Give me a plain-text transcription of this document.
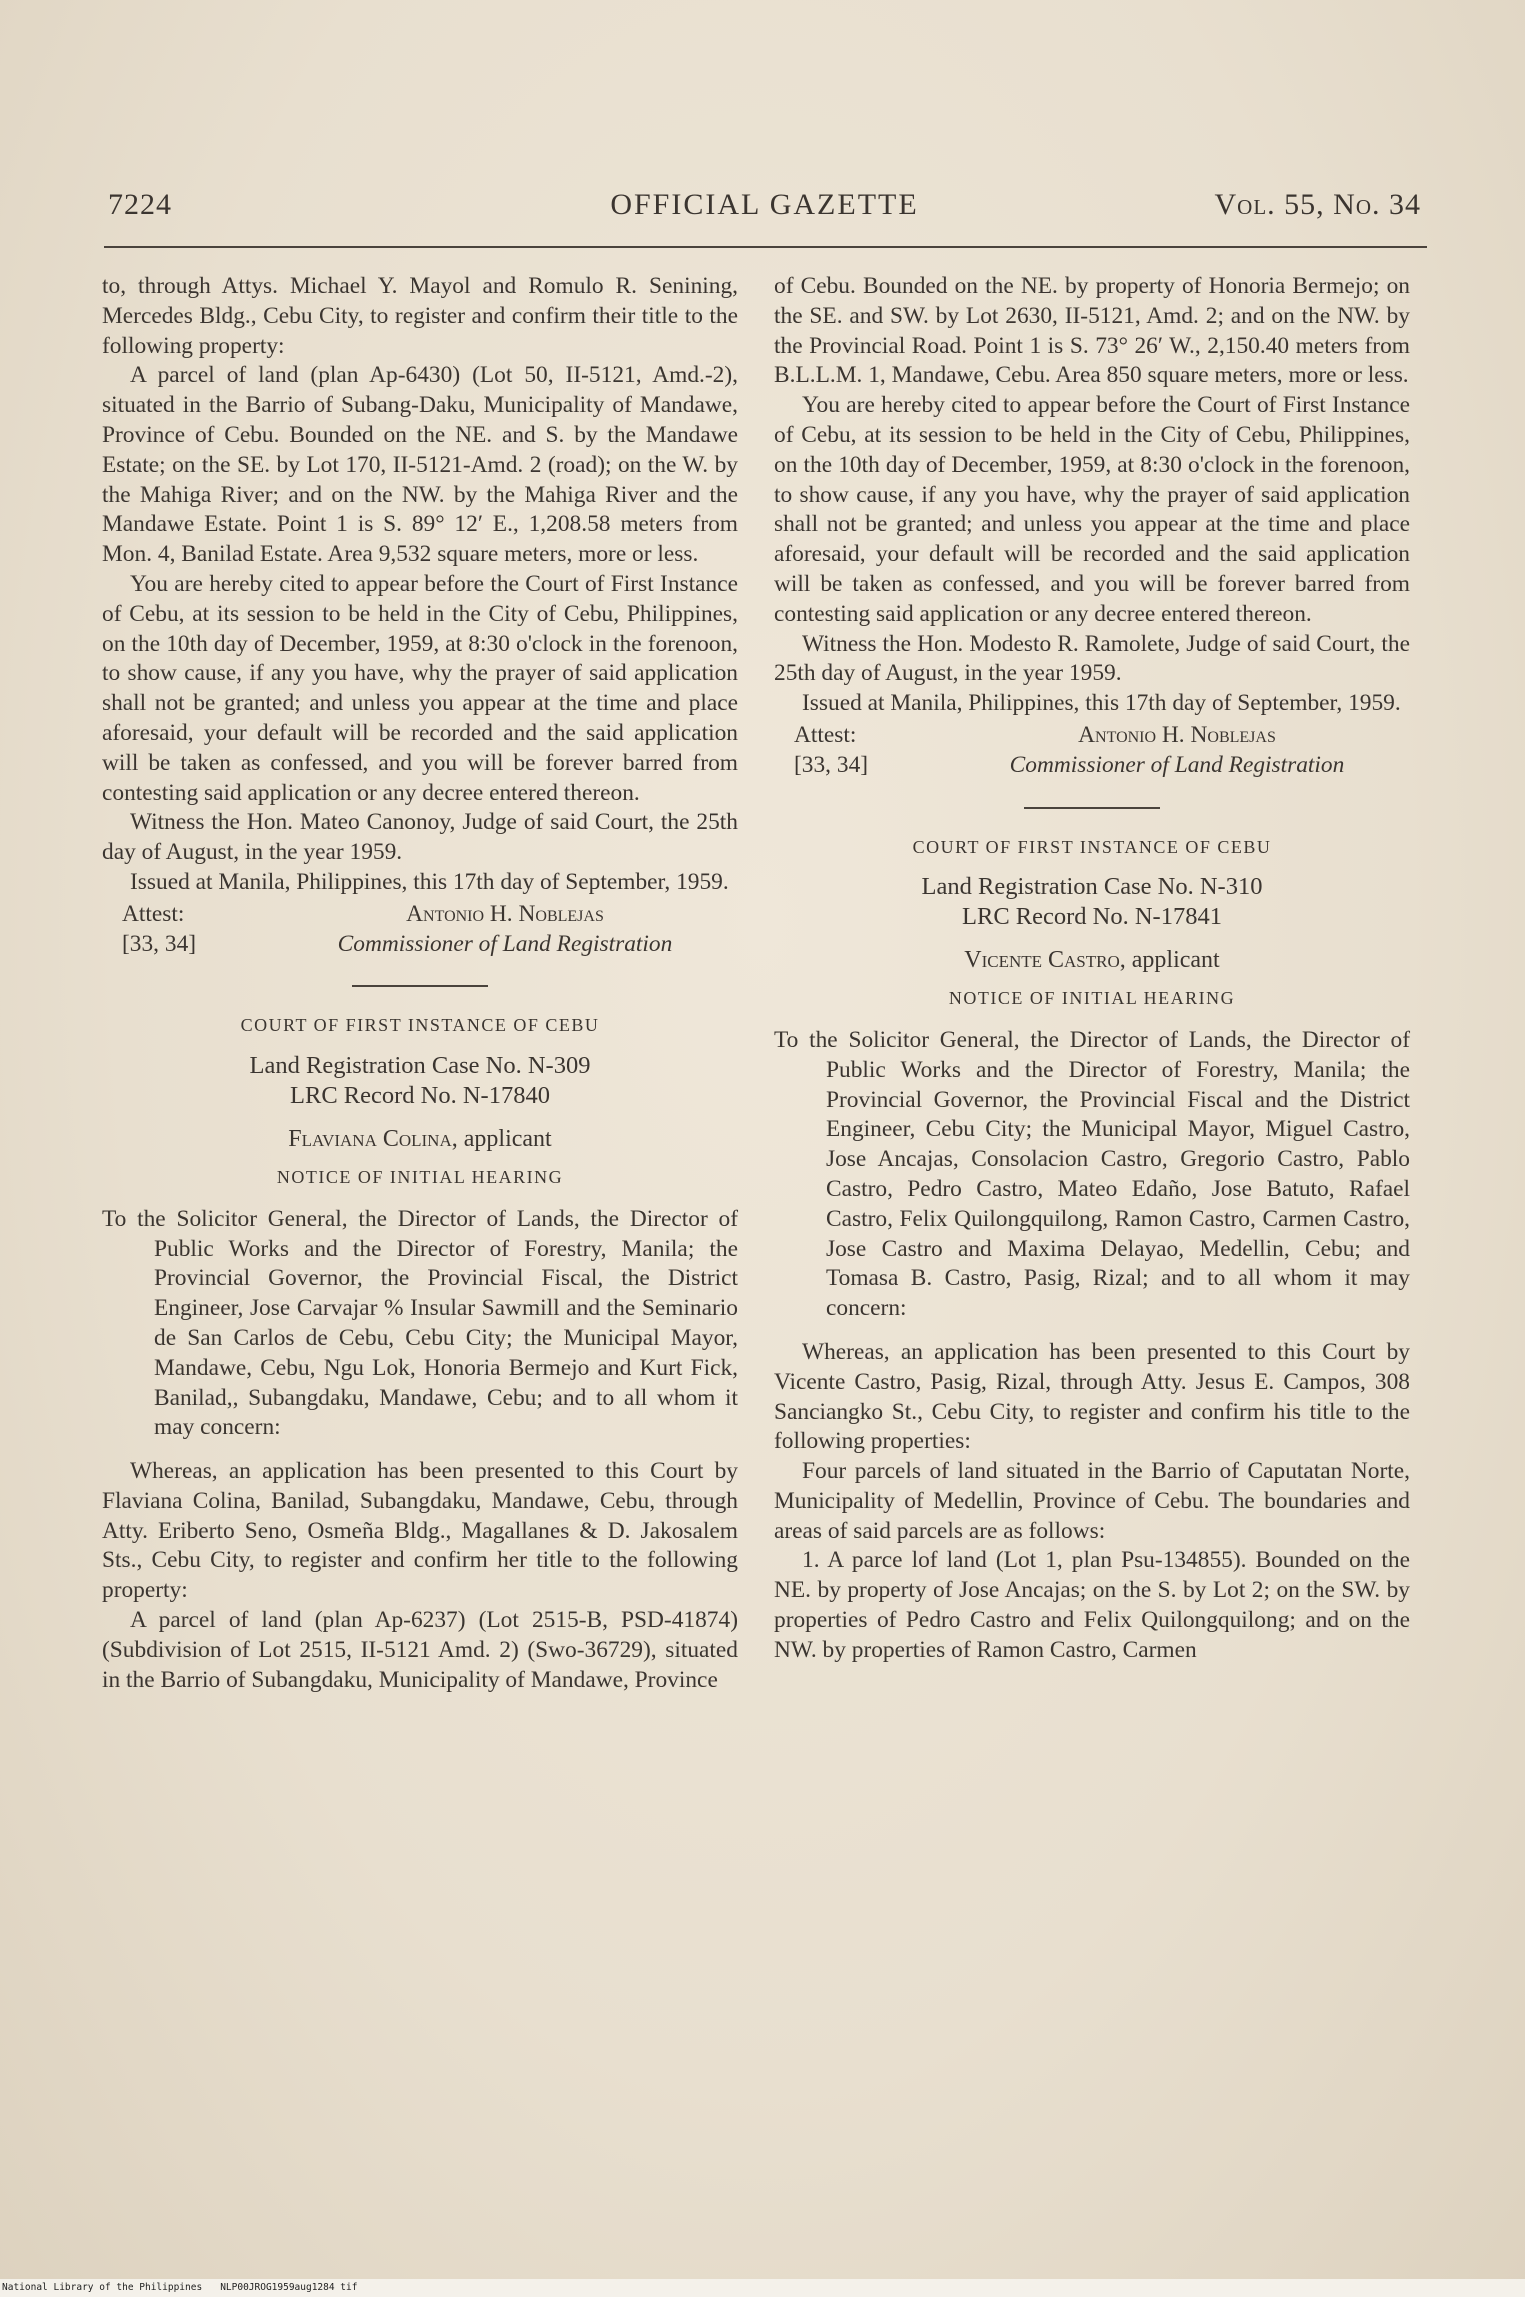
7224	OFFICIAL GAZETTE	Vol. 55, No. 34

to, through Attys. Michael Y. Mayol and Romulo R. Senining, Mercedes Bldg., Cebu City, to register and confirm their title to the following property:

A parcel of land (plan Ap-6430) (Lot 50, II-5121, Amd.-2), situated in the Barrio of Subang-Daku, Municipality of Mandawe, Province of Cebu. Bounded on the NE. and S. by the Mandawe Estate; on the SE. by Lot 170, II-5121-Amd. 2 (road); on the W. by the Mahiga River; and on the NW. by the Mahiga River and the Mandawe Estate. Point 1 is S. 89° 12′ E., 1,208.58 meters from Mon. 4, Banilad Estate. Area 9,532 square meters, more or less.

You are hereby cited to appear before the Court of First Instance of Cebu, at its session to be held in the City of Cebu, Philippines, on the 10th day of December, 1959, at 8:30 o'clock in the forenoon, to show cause, if any you have, why the prayer of said application shall not be granted; and unless you appear at the time and place aforesaid, your default will be recorded and the said application will be taken as confessed, and you will be forever barred from contesting said application or any decree entered thereon.

Witness the Hon. Mateo Canonoy, Judge of said Court, the 25th day of August, in the year 1959.

Issued at Manila, Philippines, this 17th day of September, 1959.

Attest:
[33, 34]
Antonio H. Noblejas
Commissioner of Land Registration

COURT OF FIRST INSTANCE OF CEBU

Land Registration Case No. N-309

LRC Record No. N-17840

Flaviana Colina, applicant

NOTICE OF INITIAL HEARING

To the Solicitor General, the Director of Lands, the Director of Public Works and the Director of Forestry, Manila; the Provincial Governor, the Provincial Fiscal, the District Engineer, Jose Carvajar % Insular Sawmill and the Seminario de San Carlos de Cebu, Cebu City; the Municipal Mayor, Mandawe, Cebu, Ngu Lok, Honoria Bermejo and Kurt Fick, Banilad,, Subangdaku, Mandawe, Cebu; and to all whom it may concern:

Whereas, an application has been presented to this Court by Flaviana Colina, Banilad, Subangdaku, Mandawe, Cebu, through Atty. Eriberto Seno, Osmeña Bldg., Magallanes & D. Jakosalem Sts., Cebu City, to register and confirm her title to the following property:

A parcel of land (plan Ap-6237) (Lot 2515-B, PSD-41874) (Subdivision of Lot 2515, II-5121 Amd. 2) (Swo-36729), situated in the Barrio of Subangdaku, Municipality of Mandawe, Province

of Cebu. Bounded on the NE. by property of Honoria Bermejo; on the SE. and SW. by Lot 2630, II-5121, Amd. 2; and on the NW. by the Provincial Road. Point 1 is S. 73° 26′ W., 2,150.40 meters from B.L.L.M. 1, Mandawe, Cebu. Area 850 square meters, more or less.

You are hereby cited to appear before the Court of First Instance of Cebu, at its session to be held in the City of Cebu, Philippines, on the 10th day of December, 1959, at 8:30 o'clock in the forenoon, to show cause, if any you have, why the prayer of said application shall not be granted; and unless you appear at the time and place aforesaid, your default will be recorded and the said application will be taken as confessed, and you will be forever barred from contesting said application or any decree entered thereon.

Witness the Hon. Modesto R. Ramolete, Judge of said Court, the 25th day of August, in the year 1959.

Issued at Manila, Philippines, this 17th day of September, 1959.

Attest:
[33, 34]
Antonio H. Noblejas
Commissioner of Land Registration

COURT OF FIRST INSTANCE OF CEBU

Land Registration Case No. N-310

LRC Record No. N-17841

Vicente Castro, applicant

NOTICE OF INITIAL HEARING

To the Solicitor General, the Director of Lands, the Director of Public Works and the Director of Forestry, Manila; the Provincial Governor, the Provincial Fiscal and the District Engineer, Cebu City; the Municipal Mayor, Miguel Castro, Jose Ancajas, Consolacion Castro, Gregorio Castro, Pablo Castro, Pedro Castro, Mateo Edaño, Jose Batuto, Rafael Castro, Felix Quilongquilong, Ramon Castro, Carmen Castro, Jose Castro and Maxima Delayao, Medellin, Cebu; and Tomasa B. Castro, Pasig, Rizal; and to all whom it may concern:

Whereas, an application has been presented to this Court by Vicente Castro, Pasig, Rizal, through Atty. Jesus E. Campos, 308 Sanciangko St., Cebu City, to register and confirm his title to the following properties:

Four parcels of land situated in the Barrio of Caputatan Norte, Municipality of Medellin, Province of Cebu. The boundaries and areas of said parcels are as follows:

1. A parce lof land (Lot 1, plan Psu-134855). Bounded on the NE. by property of Jose Ancajas; on the S. by Lot 2; on the SW. by properties of Pedro Castro and Felix Quilongquilong; and on the NW. by properties of Ramon Castro, Carmen

National Library of the Philippines NLP00JROG1959aug1284 tif
